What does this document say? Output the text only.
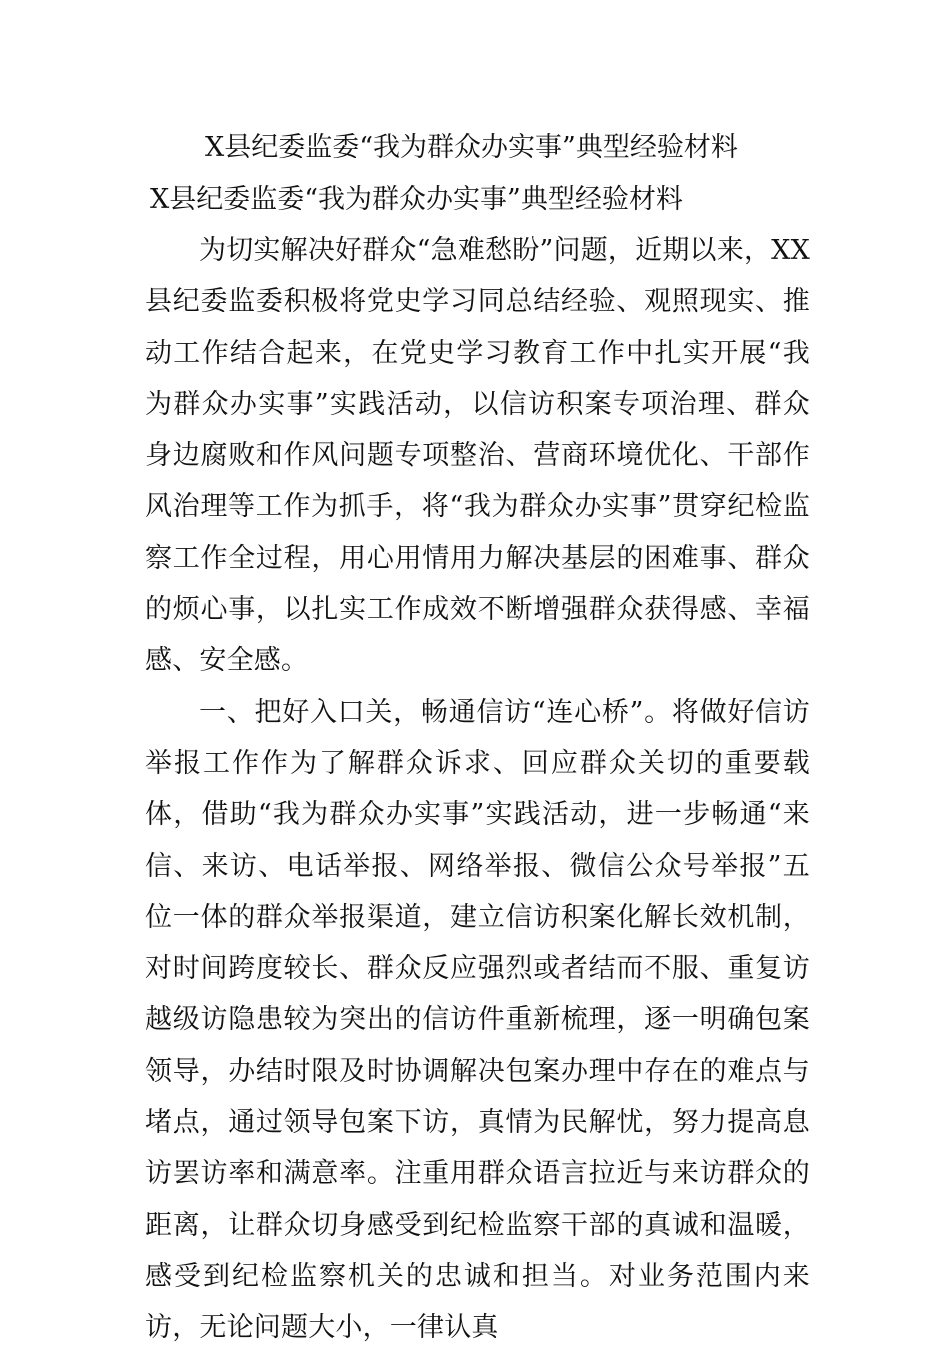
X县纪委监委“我为群众办实事”典型经验材料
X县纪委监委“我为群众办实事”典型经验材料

为切实解决好群众“急难愁盼”问题，近期以来，XX县纪委监委积极将党史学习同总结经验、观照现实、推动工作结合起来，在党史学习教育工作中扎实开展“我为群众办实事”实践活动，以信访积案专项治理、群众身边腐败和作风问题专项整治、营商环境优化、干部作风治理等工作为抓手，将“我为群众办实事”贯穿纪检监察工作全过程，用心用情用力解决基层的困难事、群众的烦心事，以扎实工作成效不断增强群众获得感、幸福感、安全感。

一、把好入口关，畅通信访“连心桥”。将做好信访举报工作作为了解群众诉求、回应群众关切的重要载体，借助“我为群众办实事”实践活动，进一步畅通“来信、来访、电话举报、网络举报、微信公众号举报”五位一体的群众举报渠道，建立信访积案化解长效机制，对时间跨度较长、群众反应强烈或者结而不服、重复访越级访隐患较为突出的信访件重新梳理，逐一明确包案领导，办结时限及时协调解决包案办理中存在的难点与堵点，通过领导包案下访，真情为民解忧，努力提高息访罢访率和满意率。注重用群众语言拉近与来访群众的距离，让群众切身感受到纪检监察干部的真诚和温暖，感受到纪检监察机关的忠诚和担当。对业务范围内来访，无论问题大小，一律认真
